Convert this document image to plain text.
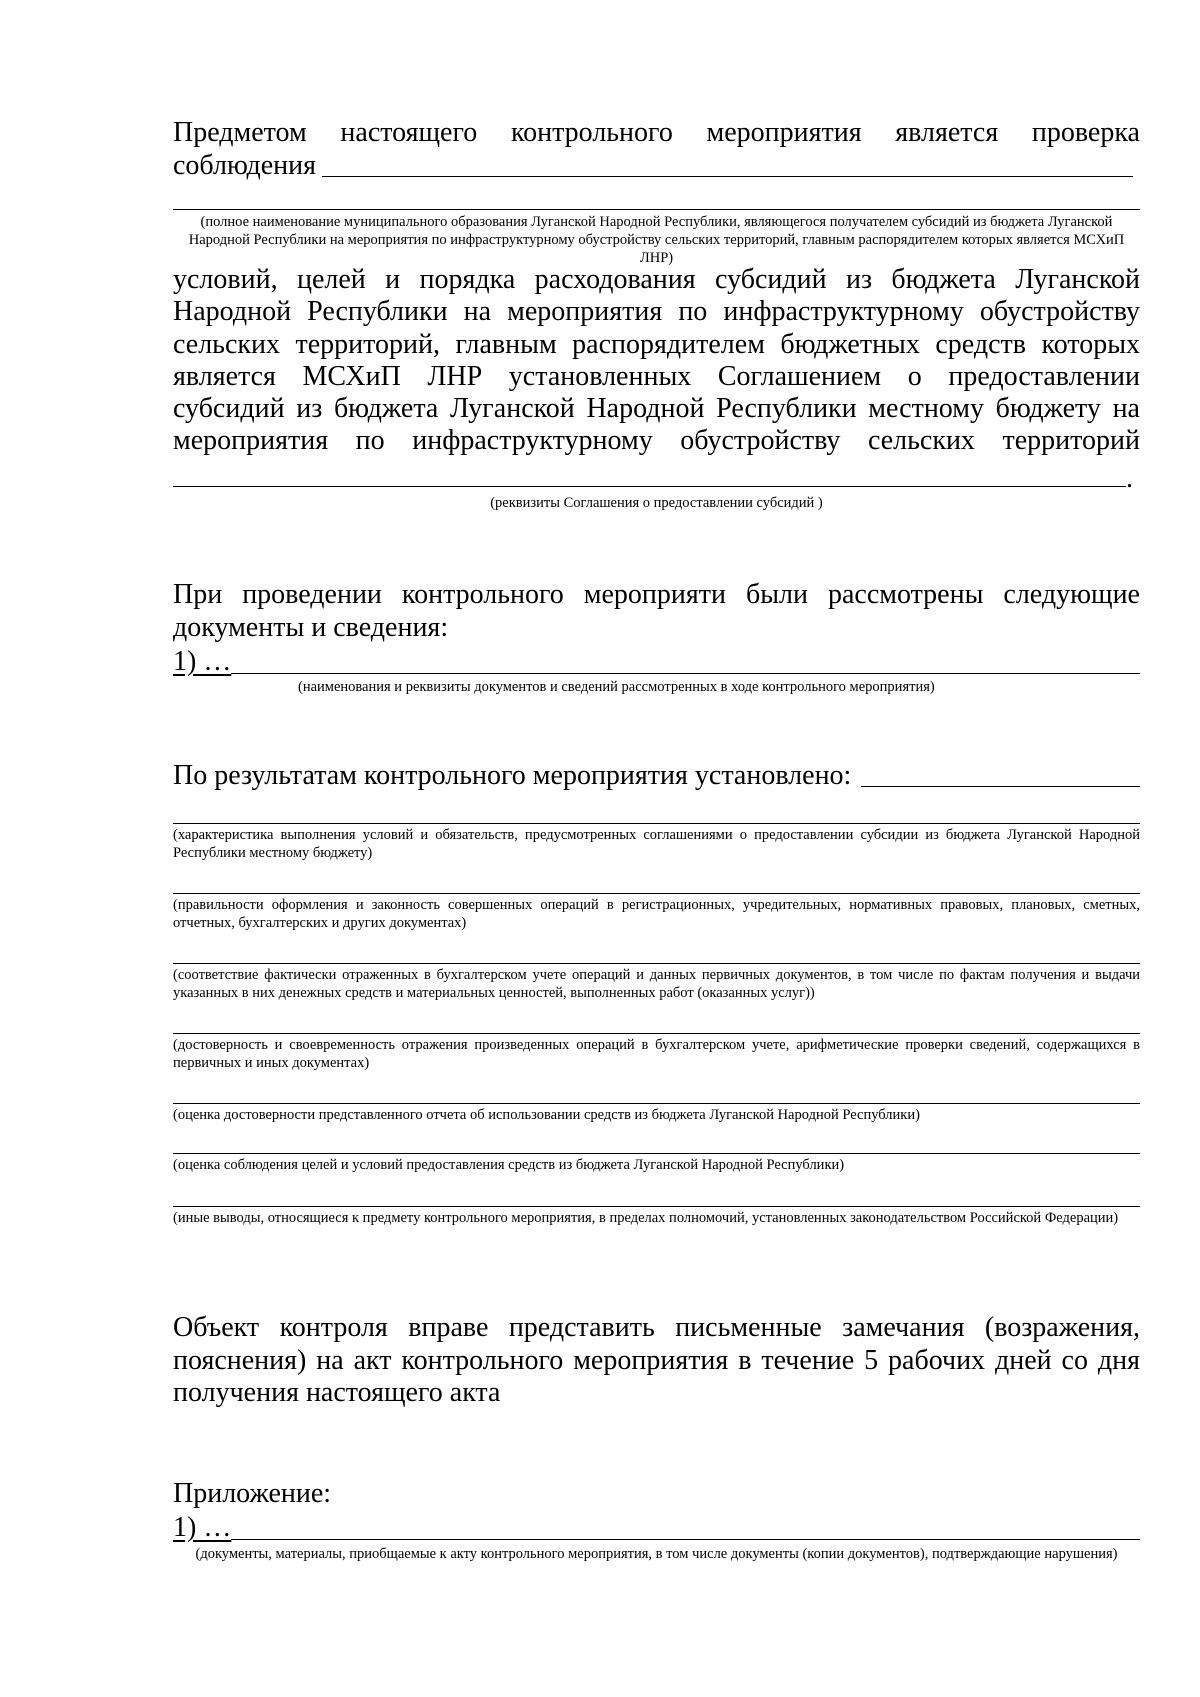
Предметом настоящего контрольного мероприятия является проверка
соблюдения

(полное наименование муниципального образования Луганской Народной Республики, являющегося получателем субсидий из бюджета Луганской Народной Республики на мероприятия по инфраструктурному обустройству сельских территорий, главным распорядителем которых является МСХиП ЛНР)

условий, целей и порядка расходования субсидий из бюджета Луганской Народной Республики на мероприятия по инфраструктурному обустройству сельских территорий, главным распорядителем бюджетных средств которых является МСХиП ЛНР установленных Соглашением о предоставлении субсидий из бюджета Луганской Народной Республики местному бюджету на мероприятия по инфраструктурному обустройству сельских территорий

.

(реквизиты Соглашения о предоставлении субсидий )

При проведении контрольного мероприяти были рассмотрены следующие документы и сведения:

1) …

(наименования и реквизиты документов и сведений рассмотренных в ходе контрольного мероприятия)

По результатам контрольного мероприятия установлено:

(характеристика выполнения условий и обязательств, предусмотренных соглашениями о предоставлении субсидии из бюджета Луганской Народной Республики местному бюджету)

(правильности оформления и законность совершенных операций в регистрационных, учредительных, нормативных правовых, плановых, сметных, отчетных, бухгалтерских и других документах)

(соответствие фактически отраженных в бухгалтерском учете операций и данных первичных документов, в том числе по фактам получения и выдачи указанных в них денежных средств и материальных ценностей, выполненных работ (оказанных услуг))

(достоверность и своевременность отражения произведенных операций в бухгалтерском учете, арифметические проверки сведений, содержащихся в первичных и иных документах)

(оценка достоверности представленного отчета об использовании средств из бюджета Луганской Народной Республики)

(оценка соблюдения целей и условий предоставления средств из бюджета Луганской Народной Республики)

(иные выводы, относящиеся к предмету контрольного мероприятия, в пределах полномочий, установленных законодательством Российской Федерации)

Объект контроля вправе представить письменные замечания (возражения, пояснения) на акт контрольного мероприятия в течение 5 рабочих дней со дня получения настоящего акта

Приложение:

1) …

(документы, материалы, приобщаемые к акту контрольного мероприятия, в том числе документы (копии документов), подтверждающие нарушения)
